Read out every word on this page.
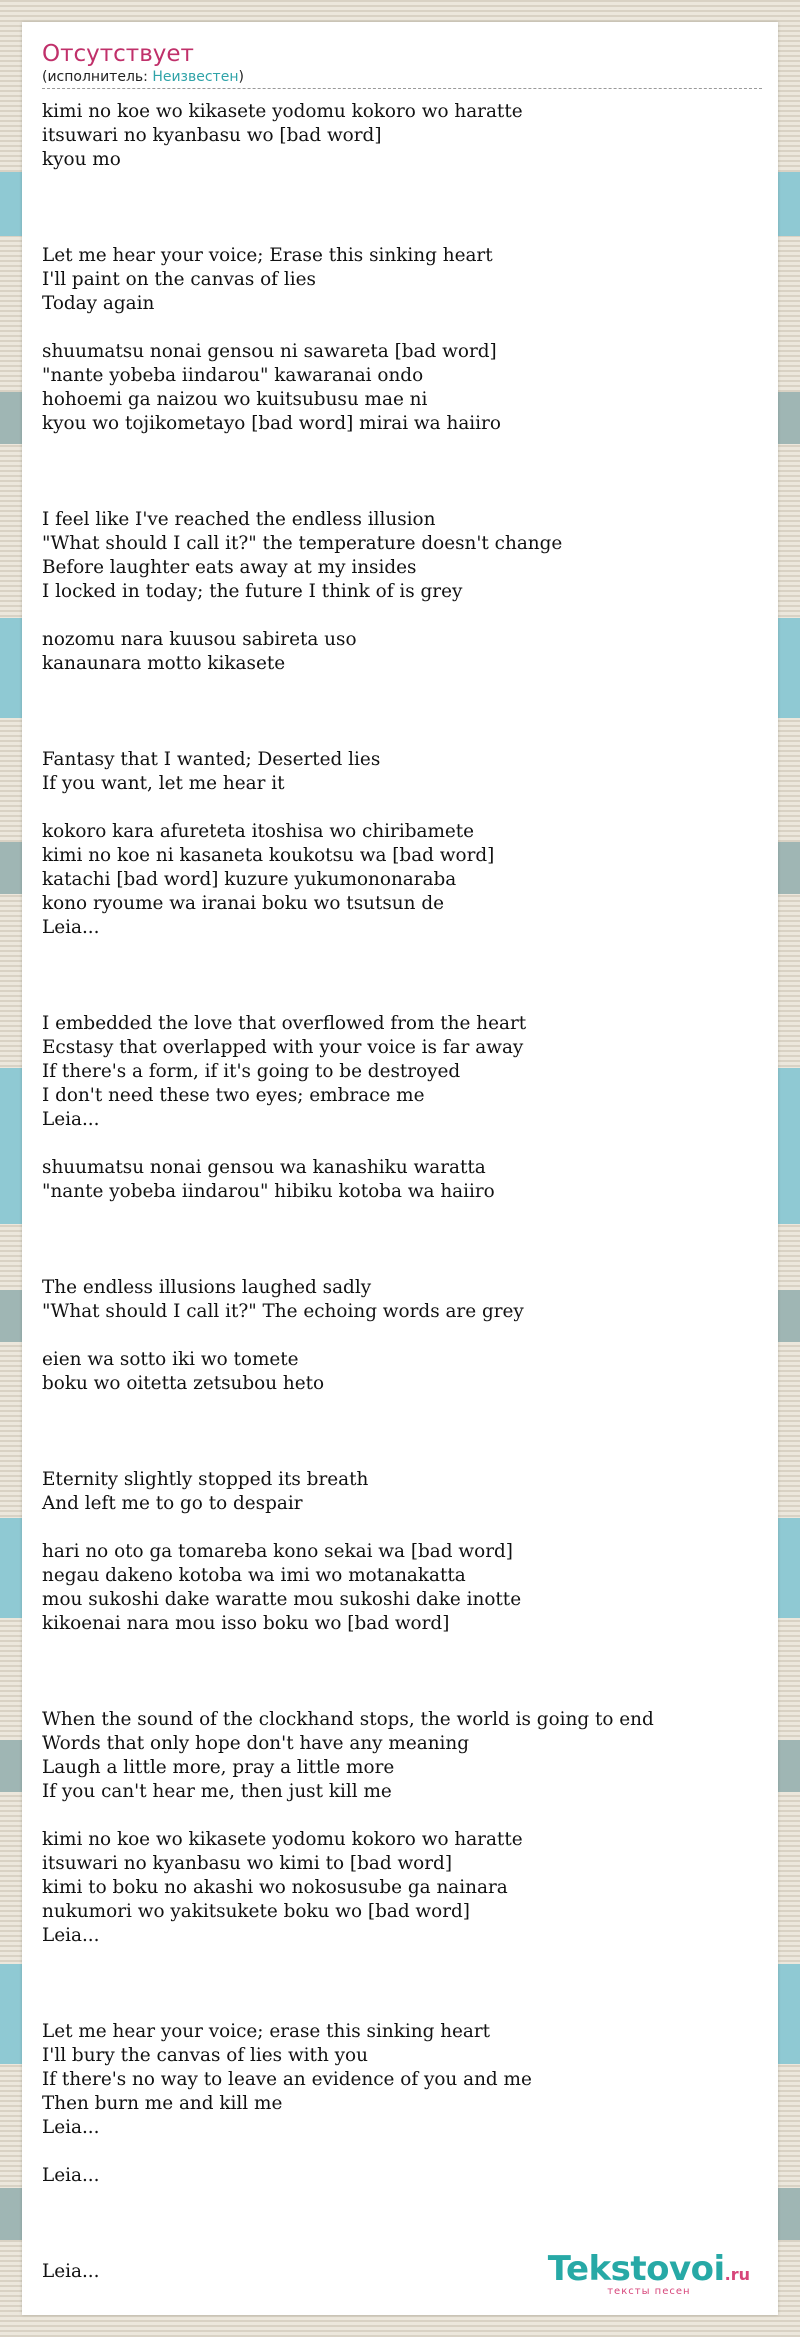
Отсутствует
(исполнитель: Неизвестен)
kimi no koe wo kikasete yodomu kokoro wo haratte
itsuwari no kyanbasu wo [bad word]
kyou mo

Let me hear your voice; Erase this sinking heart
I'll paint on the canvas of lies
Today again

shuumatsu nonai gensou ni sawareta [bad word]
"nante yobeba iindarou" kawaranai ondo
hohoemi ga naizou wo kuitsubusu mae ni
kyou wo tojikometayo [bad word] mirai wa haiiro

I feel like I've reached the endless illusion
"What should I call it?" the temperature doesn't change
Before laughter eats away at my insides
I locked in today; the future I think of is grey

nozomu nara kuusou sabireta uso
kanaunara motto kikasete

Fantasy that I wanted; Deserted lies
If you want, let me hear it

kokoro kara afureteta itoshisa wo chiribamete
kimi no koe ni kasaneta koukotsu wa [bad word]
katachi [bad word] kuzure yukumononaraba
kono ryoume wa iranai boku wo tsutsun de
Leia...

I embedded the love that overflowed from the heart
Ecstasy that overlapped with your voice is far away
If there's a form, if it's going to be destroyed
I don't need these two eyes; embrace me
Leia...

shuumatsu nonai gensou wa kanashiku waratta
"nante yobeba iindarou" hibiku kotoba wa haiiro

The endless illusions laughed sadly
"What should I call it?" The echoing words are grey

eien wa sotto iki wo tomete
boku wo oitetta zetsubou heto

Eternity slightly stopped its breath
And left me to go to despair

hari no oto ga tomareba kono sekai wa [bad word]
negau dakeno kotoba wa imi wo motanakatta
mou sukoshi dake waratte mou sukoshi dake inotte
kikoenai nara mou isso boku wo [bad word]

When the sound of the clockhand stops, the world is going to end
Words that only hope don't have any meaning
Laugh a little more, pray a little more
If you can't hear me, then just kill me

kimi no koe wo kikasete yodomu kokoro wo haratte
itsuwari no kyanbasu wo kimi to [bad word]
kimi to boku no akashi wo nokosusube ga nainara
nukumori wo yakitsukete boku wo [bad word]
Leia...

Let me hear your voice; erase this sinking heart
I'll bury the canvas of lies with you
If there's no way to leave an evidence of you and me
Then burn me and kill me
Leia...

Leia...

Leia...	Tekstovoi.ru
тексты песен
